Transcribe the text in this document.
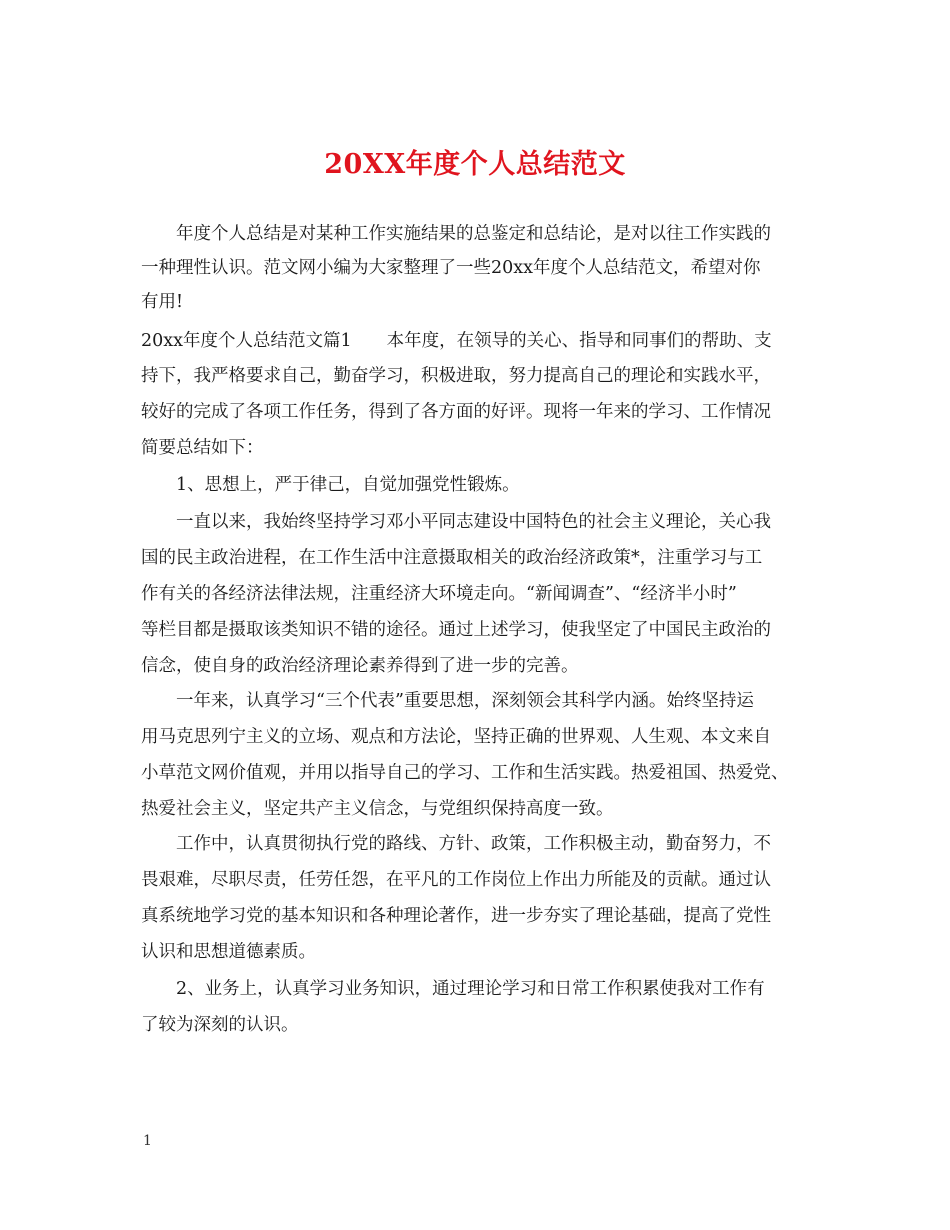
20XX年度个人总结范文
年度个人总结是对某种工作实施结果的总鉴定和总结论，是对以往工作实践的
一种理性认识。范文网小编为大家整理了一些20xx年度个人总结范文，希望对你
有用!
20xx年度个人总结范文篇1　　本年度，在领导的关心、指导和同事们的帮助、支
持下，我严格要求自己，勤奋学习，积极进取，努力提高自己的理论和实践水平，
较好的完成了各项工作任务，得到了各方面的好评。现将一年来的学习、工作情况
简要总结如下：
1、思想上，严于律己，自觉加强党性锻炼。
一直以来，我始终坚持学习邓小平同志建设中国特色的社会主义理论，关心我
国的民主政治进程，在工作生活中注意摄取相关的政治经济政策*，注重学习与工
作有关的各经济法律法规，注重经济大环境走向。“新闻调查”、“经济半小时”
等栏目都是摄取该类知识不错的途径。通过上述学习，使我坚定了中国民主政治的
信念，使自身的政治经济理论素养得到了进一步的完善。
一年来，认真学习“三个代表”重要思想，深刻领会其科学内涵。始终坚持运
用马克思列宁主义的立场、观点和方法论，坚持正确的世界观、人生观、本文来自
小草范文网价值观，并用以指导自己的学习、工作和生活实践。热爱祖国、热爱党、
热爱社会主义，坚定共产主义信念，与党组织保持高度一致。
工作中，认真贯彻执行党的路线、方针、政策，工作积极主动，勤奋努力，不
畏艰难，尽职尽责，任劳任怨，在平凡的工作岗位上作出力所能及的贡献。通过认
真系统地学习党的基本知识和各种理论著作，进一步夯实了理论基础，提高了党性
认识和思想道德素质。
2、业务上，认真学习业务知识，通过理论学习和日常工作积累使我对工作有
了较为深刻的认识。
1
